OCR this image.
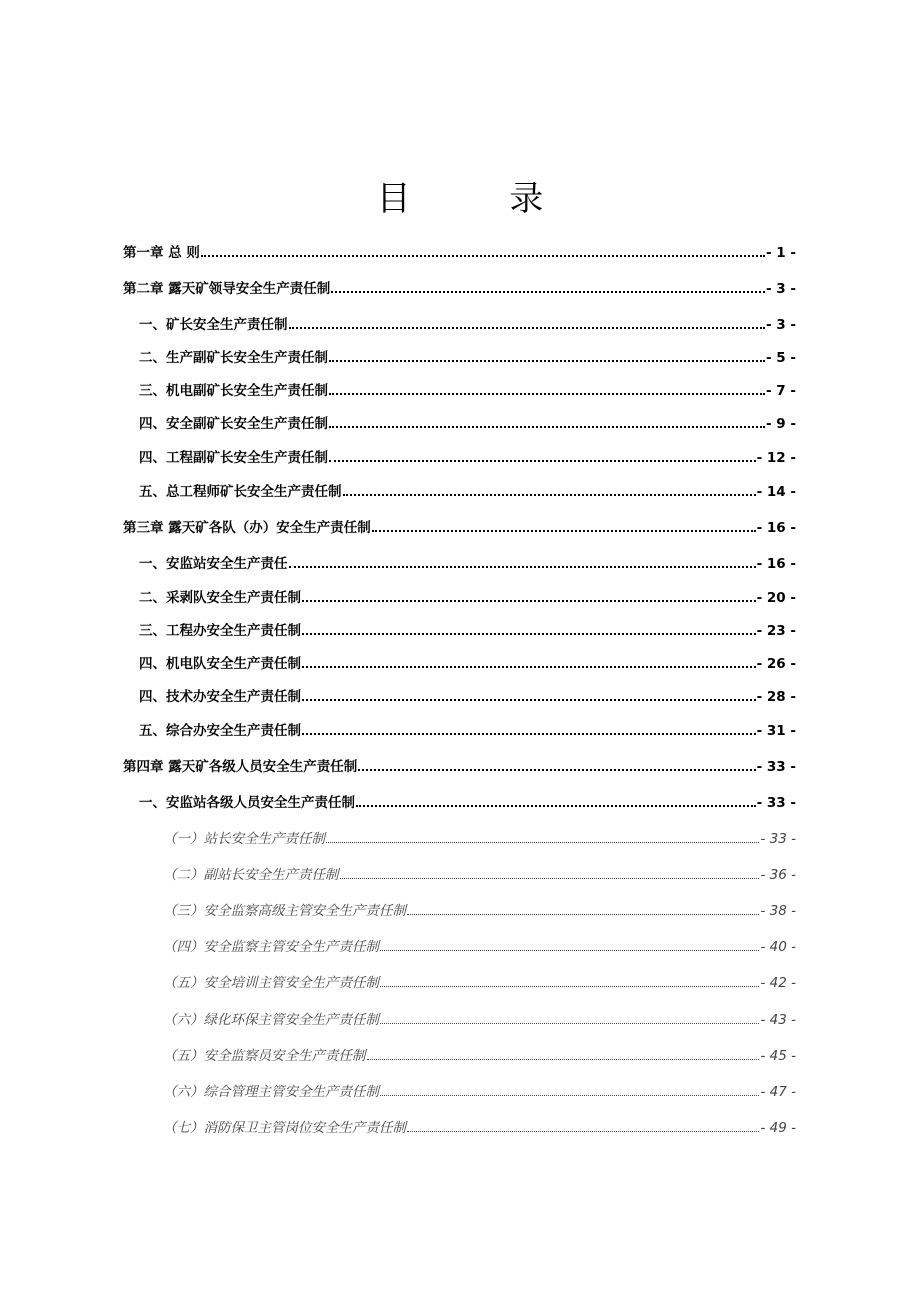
目 录
第一章 总 则	- 1 -
第二章 露天矿领导安全生产责任制	- 3 -
一、矿长安全生产责任制	- 3 -
二、生产副矿长安全生产责任制	- 5 -
三、机电副矿长安全生产责任制	- 7 -
四、安全副矿长安全生产责任制	- 9 -
四、工程副矿长安全生产责任制	- 12 -
五、总工程师矿长安全生产责任制	- 14 -
第三章 露天矿各队（办）安全生产责任制	- 16 -
一、安监站安全生产责任	- 16 -
二、采剥队安全生产责任制	- 20 -
三、工程办安全生产责任制	- 23 -
四、机电队安全生产责任制	- 26 -
四、技术办安全生产责任制	- 28 -
五、综合办安全生产责任制	- 31 -
第四章 露天矿各级人员安全生产责任制	- 33 -
一、安监站各级人员安全生产责任制	- 33 -
（一）站长安全生产责任制	- 33 -
（二）副站长安全生产责任制	- 36 -
（三）安全监察高级主管安全生产责任制	- 38 -
（四）安全监察主管安全生产责任制	- 40 -
（五）安全培训主管安全生产责任制	- 42 -
（六）绿化环保主管安全生产责任制	- 43 -
（五）安全监察员安全生产责任制	- 45 -
（六）综合管理主管安全生产责任制	- 47 -
（七）消防保卫主管岗位安全生产责任制	- 49 -
